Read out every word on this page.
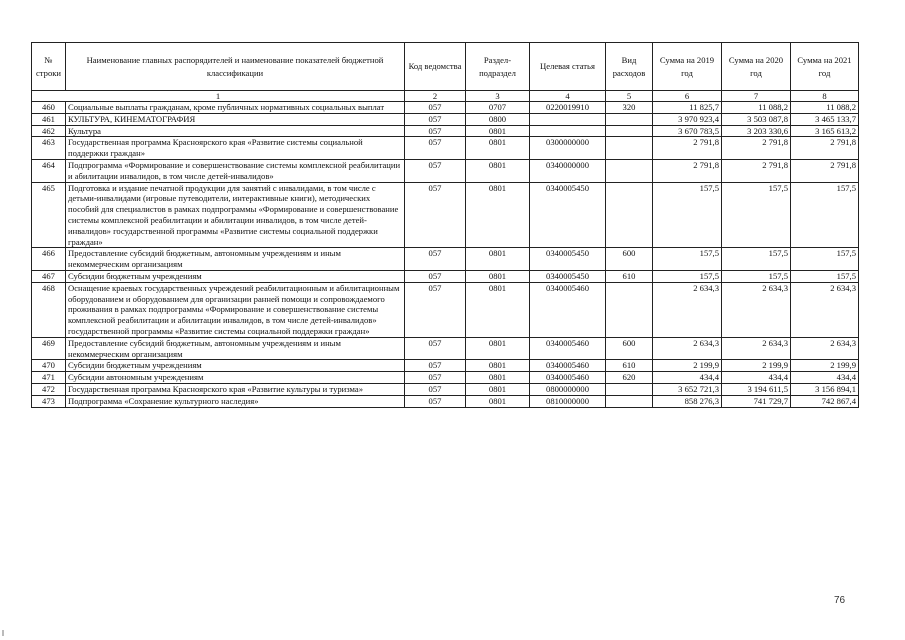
№ строки	Наименование главных распорядителей и наименование показателей бюджетной классификации	Код ведомства	Раздел-подраздел	Целевая статья	Вид расходов	Сумма на 2019 год	Сумма на 2020 год	Сумма на 2021 год
1		2	3	4	5	6	7	8
460	Социальные выплаты гражданам, кроме публичных нормативных социальных выплат	057	0707	0220019910	320	11 825,7	11 088,2	11 088,2
461	КУЛЬТУРА, КИНЕМАТОГРАФИЯ	057	0800			3 970 923,4	3 503 087,8	3 465 133,7
462	Культура	057	0801			3 670 783,5	3 203 330,6	3 165 613,2
463	Государственная программа Красноярского края «Развитие системы социальной поддержки граждан»	057	0801	0300000000		2 791,8	2 791,8	2 791,8
464	Подпрограмма «Формирование и совершенствование системы комплексной реабилитации и абилитации инвалидов, в том числе детей-инвалидов»	057	0801	0340000000		2 791,8	2 791,8	2 791,8
465	Подготовка и издание печатной продукции для занятий с инвалидами, в том числе с детьми-инвалидами (игровые путеводители, интерактивные книги), методических пособий для специалистов в рамках подпрограммы «Формирование и совершенствование системы комплексной реабилитации и абилитации инвалидов, в том числе детей-инвалидов» государственной программы «Развитие системы социальной поддержки граждан»	057	0801	0340005450		157,5	157,5	157,5
466	Предоставление субсидий бюджетным, автономным учреждениям и иным некоммерческим организациям	057	0801	0340005450	600	157,5	157,5	157,5
467	Субсидии бюджетным учреждениям	057	0801	0340005450	610	157,5	157,5	157,5
468	Оснащение краевых государственных учреждений реабилитационным и абилитационным оборудованием и оборудованием для организации ранней помощи и сопровождаемого проживания в рамках подпрограммы «Формирование и совершенствование системы комплексной реабилитации и абилитации инвалидов, в том числе детей-инвалидов» государственной программы «Развитие системы социальной поддержки граждан»	057	0801	0340005460		2 634,3	2 634,3	2 634,3
469	Предоставление субсидий бюджетным, автономным учреждениям и иным некоммерческим организациям	057	0801	0340005460	600	2 634,3	2 634,3	2 634,3
470	Субсидии бюджетным учреждениям	057	0801	0340005460	610	2 199,9	2 199,9	2 199,9
471	Субсидии автономным учреждениям	057	0801	0340005460	620	434,4	434,4	434,4
472	Государственная программа Красноярского края «Развитие культуры и туризма»	057	0801	0800000000		3 652 721,3	3 194 611,5	3 156 894,1
473	Подпрограмма «Сохранение культурного наследия»	057	0801	0810000000		858 276,3	741 729,7	742 867,4
76
